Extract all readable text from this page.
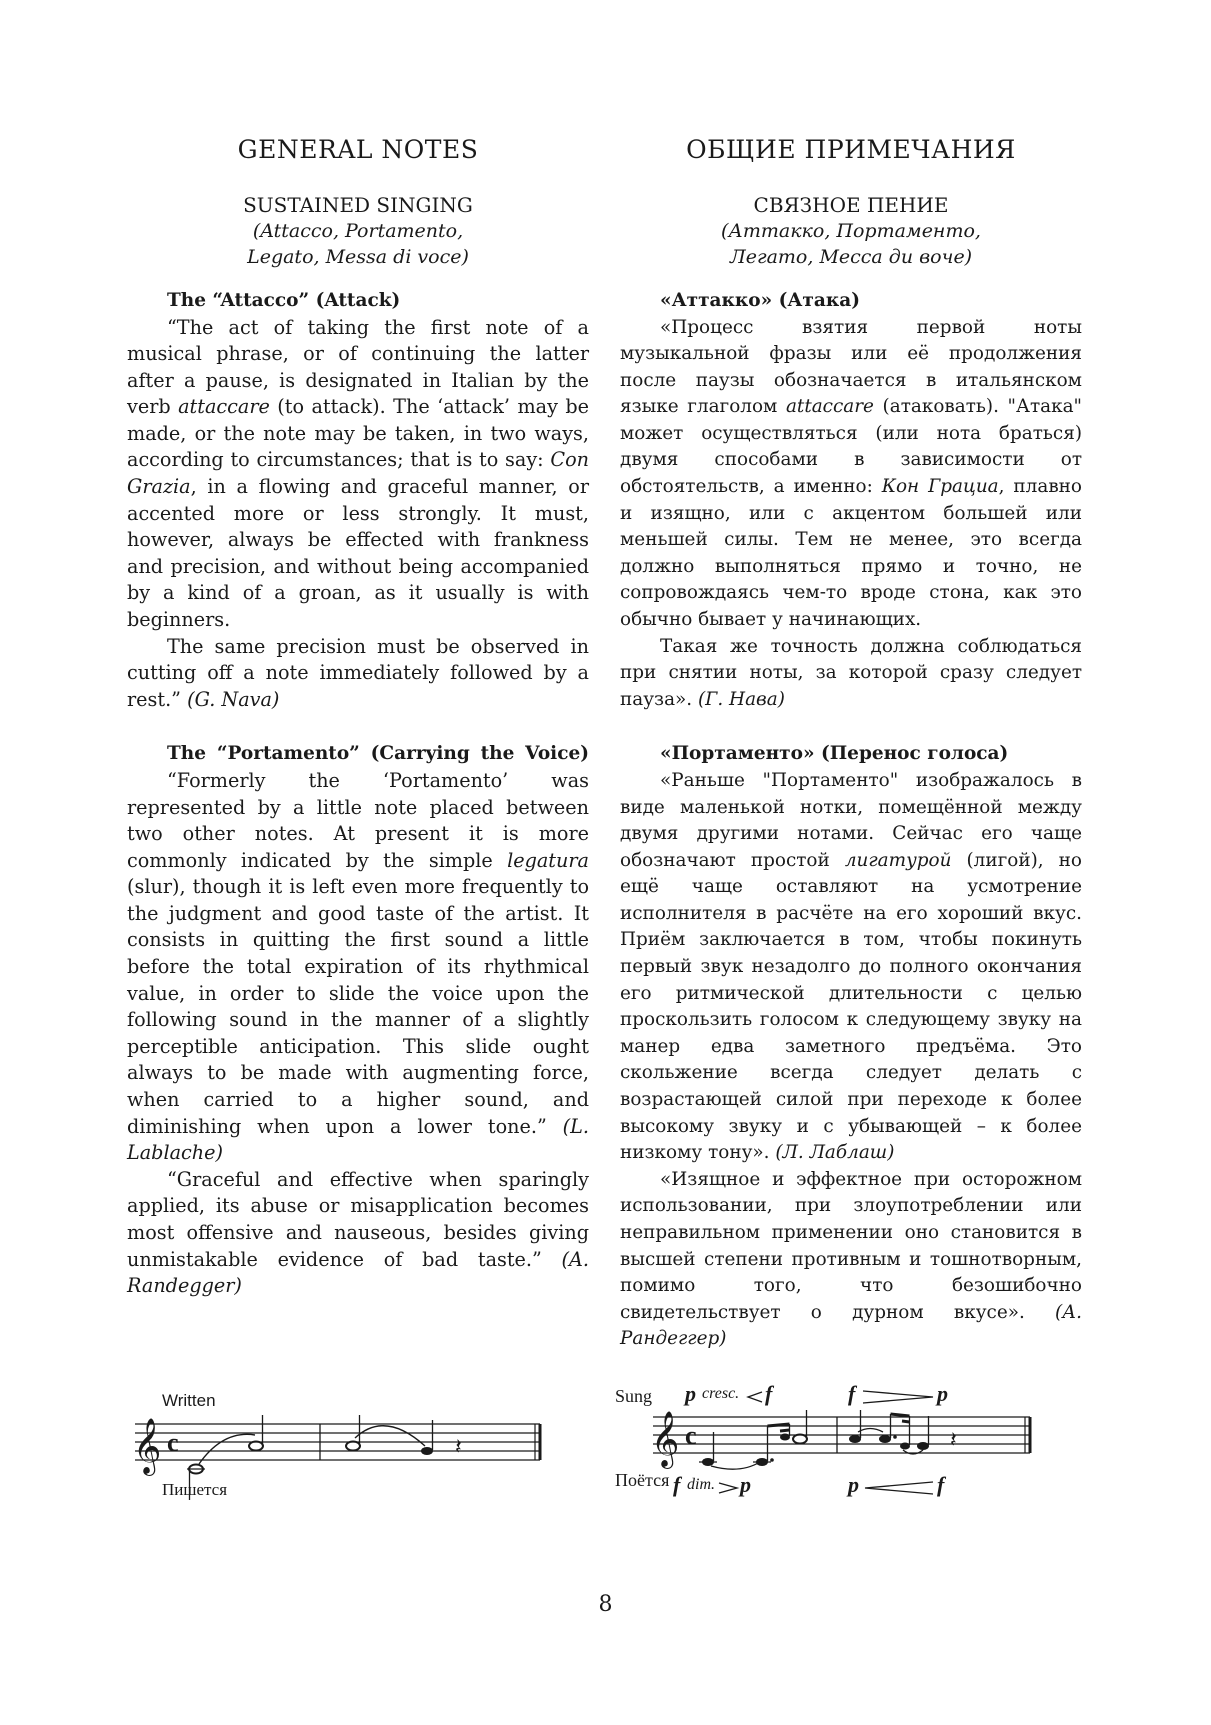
GENERAL NOTES
SUSTAINED SINGING
(Attacco, Portamento,
Legato, Messa di voce)
The “Attacco” (Attack)

“The act of taking the first note of a musical phrase, or of continuing the latter after a pause, is designated in Italian by the verb attaccare (to attack). The ‘attack’ may be made, or the note may be taken, in two ways, according to circumstances; that is to say: Con Grazia, in a flowing and graceful manner, or accented more or less strongly. It must, however, always be effected with frankness and precision, and without being accompanied by a kind of a groan, as it usually is with beginners.

The same precision must be observed in cutting off a note immediately followed by a rest.” (G. Nava)

The “Portamento” (Carrying the Voice)

“Formerly the ‘Portamento’ was represented by a little note placed between two other notes. At present it is more commonly indicated by the simple legatura (slur), though it is left even more frequently to the judgment and good taste of the artist. It consists in quitting the first sound a little before the total expiration of its rhythmical value, in order to slide the voice upon the following sound in the manner of a slightly perceptible anticipation. This slide ought always to be made with augmenting force, when carried to a higher sound, and diminishing when upon a lower tone.” (L. Lablache)

“Graceful and effective when sparingly applied, its abuse or misapplication becomes most offensive and nauseous, besides giving unmistakable evidence of bad taste.” (A. Randegger)

ОБЩИЕ ПРИМЕЧАНИЯ
СВЯЗНОЕ ПЕНИЕ
(Аттакко, Портаменто,
Легато, Месса ди воче)
«Аттакко» (Атака)

«Процесс взятия первой ноты музыкальной фразы или её продолжения после паузы обозначается в итальянском языке глаголом attaccare (атаковать). "Атака" может осуществляться (или нота браться) двумя способами в зависимости от обстоятельств, а именно: Кон Грациа, плавно и изящно, или с акцентом большей или меньшей силы. Тем не менее, это всегда должно выполняться прямо и точно, не сопровождаясь чем-то вроде стона, как это обычно бывает у начинающих.

Такая же точность должна соблюдаться при снятии ноты, за которой сразу следует пауза». (Г. Нава)

«Портаменто» (Перенос голоса)

«Раньше "Портаменто" изображалось в виде маленькой нотки, помещённой между двумя другими нотами. Сейчас его чаще обозначают простой лигатурой (лигой), но ещё чаще оставляют на усмотрение исполнителя в расчёте на его хороший вкус. Приём заключается в том, чтобы покинуть первый звук незадолго до полного окончания его ритмической длительности с целью проскользить голосом к следующему звуку на манер едва заметного предъёма. Это скольжение всегда следует делать с возрастающей силой при переходе к более высокому звуку и с убывающей – к более низкому тону». (Л. Лаблаш)

«Изящное и эффектное при осторожном использовании, при злоупотреблении или неправильном применении оно становится в высшей степени противным и тошнотворным, помимо того, что безошибочно свидетельствует о дурном вкусе». (А. Рандеггер)

Written
𝄞 c	𝄽
Пишется
Sung p cresc. f	f	p
𝄞 c	𝄽
Поётся f dim. p	p	f
8
